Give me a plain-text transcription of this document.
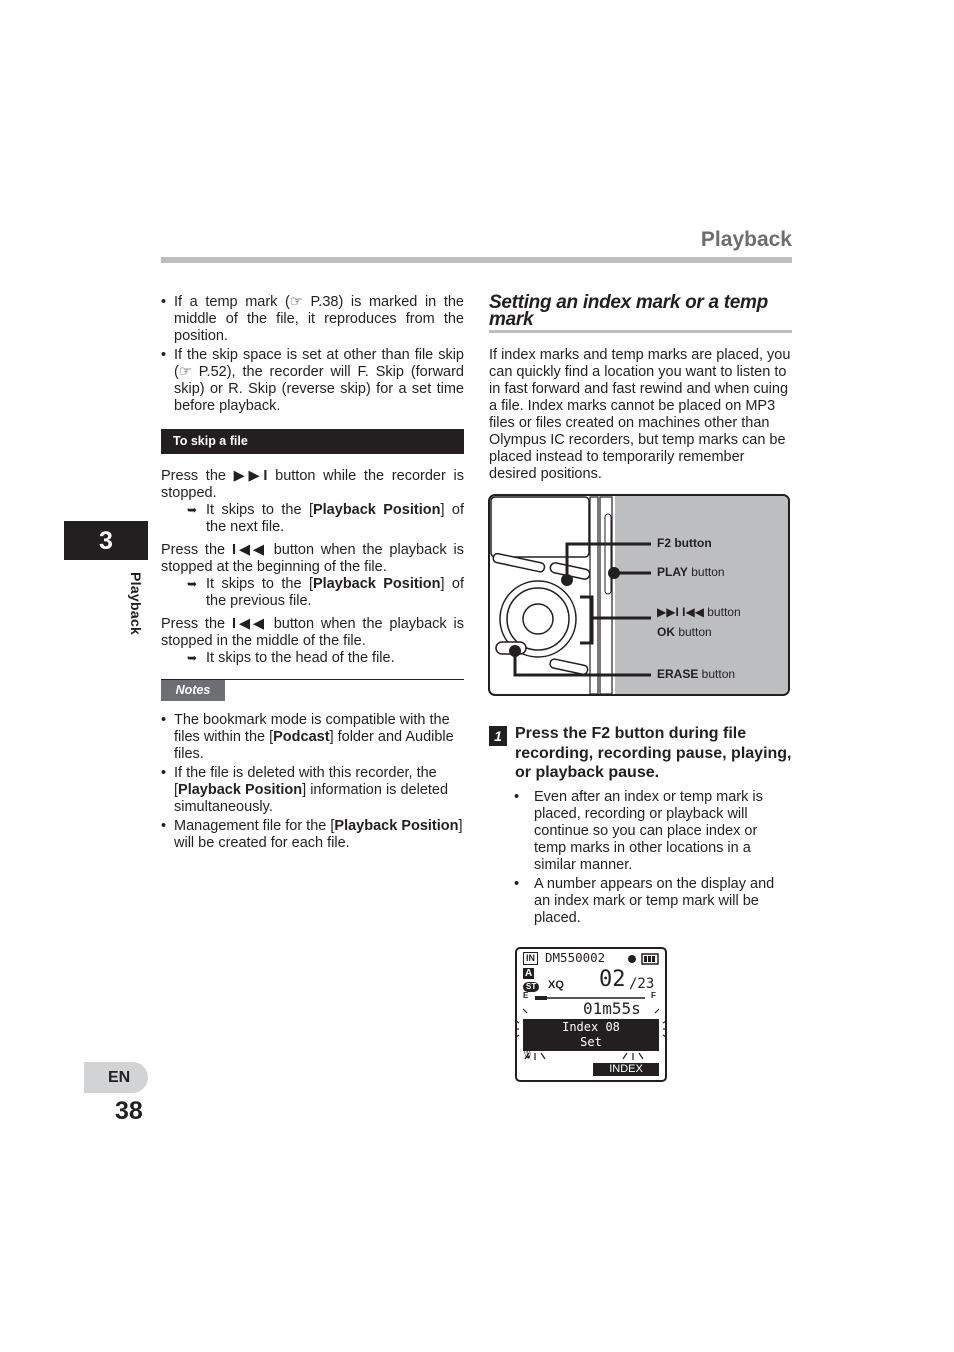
Playback
3
Playback
EN
38
• If a temp mark (☞ P.38) is marked in the middle of the file, it reproduces from the position.
• If the skip space is set at other than file skip (☞ P.52), the recorder will F. Skip (forward skip) or R. Skip (reverse skip) for a set time before playback.
To skip a file

Press the ▶▶I button while the recorder is stopped.

➥ It skips to the [Playback Position] of the next file.

Press the I◀◀ button when the playback is stopped at the beginning of the file.

➥ It skips to the [Playback Position] of the previous file.

Press the I◀◀ button when the playback is stopped in the middle of the file.

➥ It skips to the head of the file.

Notes
• The bookmark mode is compatible with the files within the [Podcast] folder and Audible files.
• If the file is deleted with this recorder, the [Playback Position] information is deleted simultaneously.
• Management file for the [Playback Position] will be created for each file.
Setting an index mark or a temp mark

If index marks and temp marks are placed, you can quickly find a location you want to listen to in fast forward and fast rewind and when cuing a file. Index marks cannot be placed on MP3 files or files created on machines other than Olympus IC recorders, but temp marks can be placed instead to temporarily remember desired positions.

F2 button
PLAY button
▶▶I I◀◀ button
OK button
ERASE button
1 Press the F2 button during file recording, recording pause, playing, or playback pause.
• Even after an index or temp mark is placed, recording or playback will continue so you can place index or temp marks in other locations in a similar manner.
• A number appears on the display and an index mark or temp mark will be placed.
IN DM550002
A
ST XQ 02 /23
E	F
01m55s
Index 08
Set
🎙
INDEX
